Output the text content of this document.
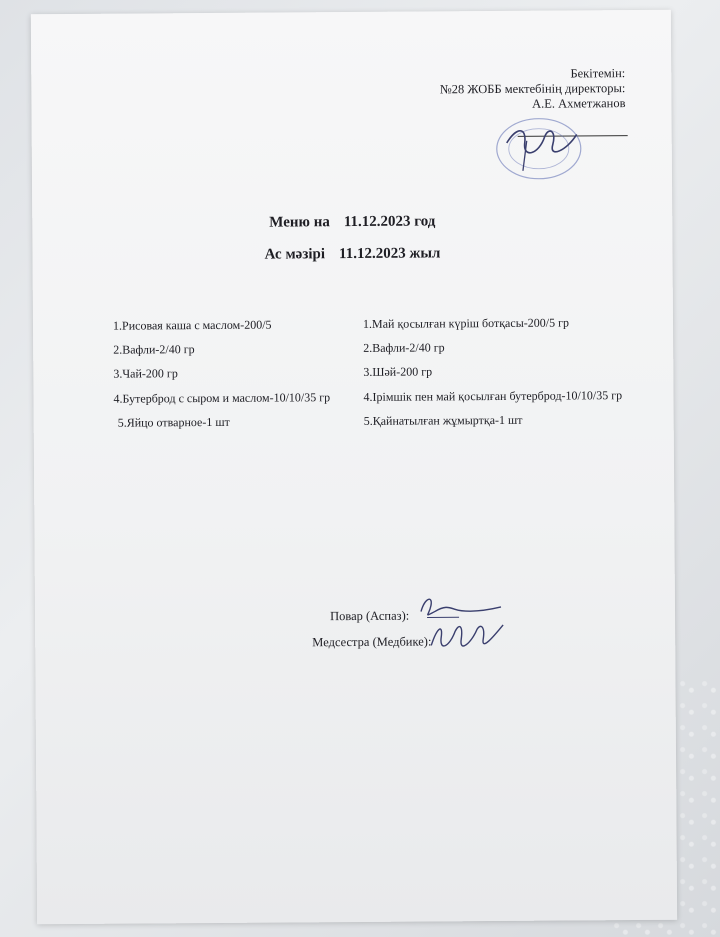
Бекітемін:
№28 ЖОББ мектебінің директоры:
А.Е. Ахметжанов
Меню на 11.12.2023 год
Ас мәзірі 11.12.2023 жыл
1.Рисовая каша с маслом-200/5
2.Вафли-2/40 гр
3.Чай-200 гр
4.Бутерброд с сыром и маслом-10/10/35 гр
5.Яйцо отварное-1 шт
1.Май қосылған күріш ботқасы-200/5 гр
2.Вафли-2/40 гр
3.Шәй-200 гр
4.Ірімшік пен май қосылған бутерброд-10/10/35 гр
5.Қайнатылған жұмыртқа-1 шт
Повар (Аспаз):
Медсестра (Медбике):
